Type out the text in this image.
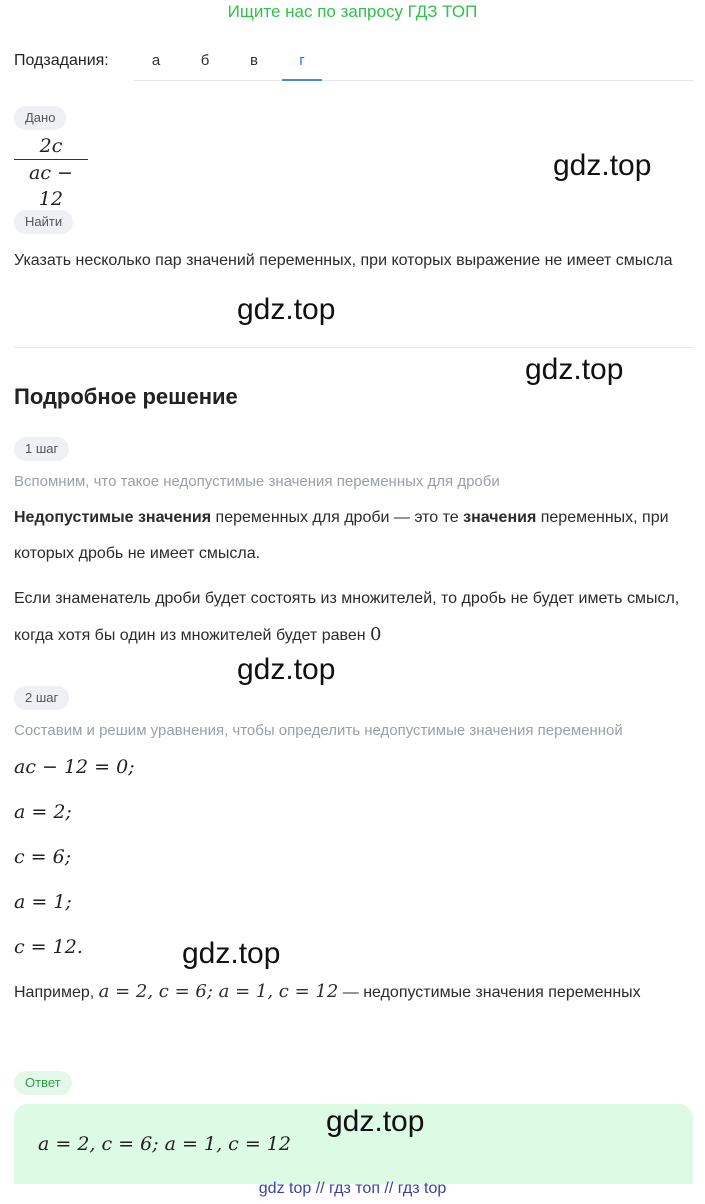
Ищите нас по запросу ГДЗ ТОП
Подзадания:	а	б	в	г
Дано
$\frac{2c}{ac - 12}$
Найти

Указать несколько пар значений переменных, при которых выражение не имеет смысла

Подробное решение
1 шаг

Вспомним, что такое недопустимые значения переменных для дроби

Недопустимые значения переменных для дроби — это те значения переменных, при которых дробь не имеет смысла.

Если знаменатель дроби будет состоять из множителей, то дробь не будет иметь смысл, когда хотя бы один из множителей будет равен 0

2 шаг

Составим и решим уравнения, чтобы определить недопустимые значения переменной

ac − 12 = 0;
a = 2;
c = 6;
a = 1;
c = 12.

Например, a = 2, c = 6; a = 1, c = 12 — недопустимые значения переменных

Ответ
a = 2, c = 6; a = 1, c = 12
gdz.top
gdz.top
gdz.top
gdz.top
gdz.top
gdz.top
gdz top // гдз топ // гдз top
